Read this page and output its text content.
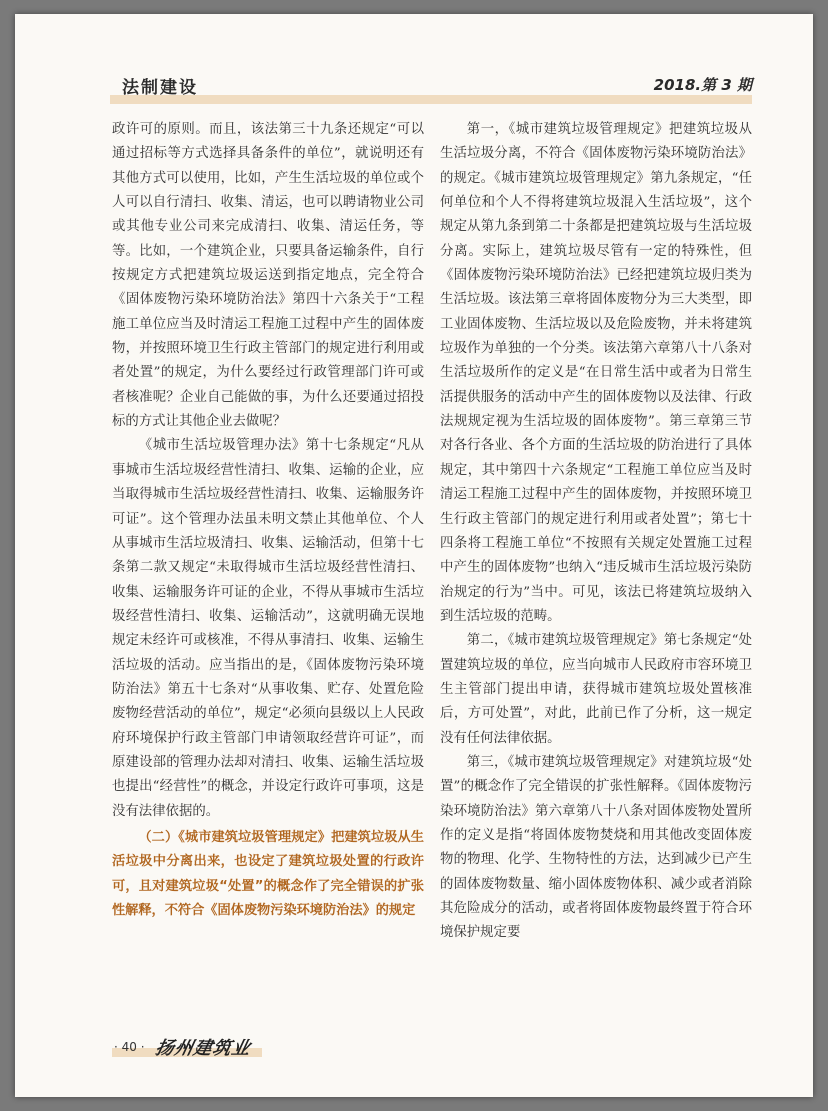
法制建设	2018.第 3 期

政许可的原则。而且，该法第三十九条还规定“可以通过招标等方式选择具备条件的单位”，就说明还有其他方式可以使用，比如，产生生活垃圾的单位或个人可以自行清扫、收集、清运，也可以聘请物业公司或其他专业公司来完成清扫、收集、清运任务，等等。比如，一个建筑企业，只要具备运输条件，自行按规定方式把建筑垃圾运送到指定地点，完全符合《固体废物污染环境防治法》第四十六条关于“工程施工单位应当及时清运工程施工过程中产生的固体废物，并按照环境卫生行政主管部门的规定进行利用或者处置”的规定，为什么要经过行政管理部门许可或者核准呢？企业自己能做的事，为什么还要通过招投标的方式让其他企业去做呢？

《城市生活垃圾管理办法》第十七条规定“凡从事城市生活垃圾经营性清扫、收集、运输的企业，应当取得城市生活垃圾经营性清扫、收集、运输服务许可证”。这个管理办法虽未明文禁止其他单位、个人从事城市生活垃圾清扫、收集、运输活动，但第十七条第二款又规定“未取得城市生活垃圾经营性清扫、收集、运输服务许可证的企业，不得从事城市生活垃圾经营性清扫、收集、运输活动”，这就明确无误地规定未经许可或核准，不得从事清扫、收集、运输生活垃圾的活动。应当指出的是，《固体废物污染环境防治法》第五十七条对“从事收集、贮存、处置危险废物经营活动的单位”，规定“必须向县级以上人民政府环境保护行政主管部门申请领取经营许可证”，而原建设部的管理办法却对清扫、收集、运输生活垃圾也提出“经营性”的概念，并设定行政许可事项，这是没有法律依据的。

（二）《城市建筑垃圾管理规定》把建筑垃圾从生活垃圾中分离出来，也设定了建筑垃圾处置的行政许可，且对建筑垃圾“处置”的概念作了完全错误的扩张性解释，不符合《固体废物污染环境防治法》的规定

第一，《城市建筑垃圾管理规定》把建筑垃圾从生活垃圾分离，不符合《固体废物污染环境防治法》的规定。《城市建筑垃圾管理规定》第九条规定，“任何单位和个人不得将建筑垃圾混入生活垃圾”，这个规定从第九条到第二十条都是把建筑垃圾与生活垃圾分离。实际上，建筑垃圾尽管有一定的特殊性，但《固体废物污染环境防治法》已经把建筑垃圾归类为生活垃圾。该法第三章将固体废物分为三大类型，即工业固体废物、生活垃圾以及危险废物，并未将建筑垃圾作为单独的一个分类。该法第六章第八十八条对生活垃圾所作的定义是“在日常生活中或者为日常生活提供服务的活动中产生的固体废物以及法律、行政法规规定视为生活垃圾的固体废物”。第三章第三节对各行各业、各个方面的生活垃圾的防治进行了具体规定，其中第四十六条规定“工程施工单位应当及时清运工程施工过程中产生的固体废物，并按照环境卫生行政主管部门的规定进行利用或者处置”；第七十四条将工程施工单位“不按照有关规定处置施工过程中产生的固体废物”也纳入“违反城市生活垃圾污染防治规定的行为”当中。可见，该法已将建筑垃圾纳入到生活垃圾的范畴。

第二，《城市建筑垃圾管理规定》第七条规定“处置建筑垃圾的单位，应当向城市人民政府市容环境卫生主管部门提出申请，获得城市建筑垃圾处置核准后，方可处置”，对此，此前已作了分析，这一规定没有任何法律依据。

第三，《城市建筑垃圾管理规定》对建筑垃圾“处置”的概念作了完全错误的扩张性解释。《固体废物污染环境防治法》第六章第八十八条对固体废物处置所作的定义是指“将固体废物焚烧和用其他改变固体废物的物理、化学、生物特性的方法，达到减少已产生的固体废物数量、缩小固体废物体积、减少或者消除其危险成分的活动，或者将固体废物最终置于符合环境保护规定要

· 40 · 扬州建筑业
